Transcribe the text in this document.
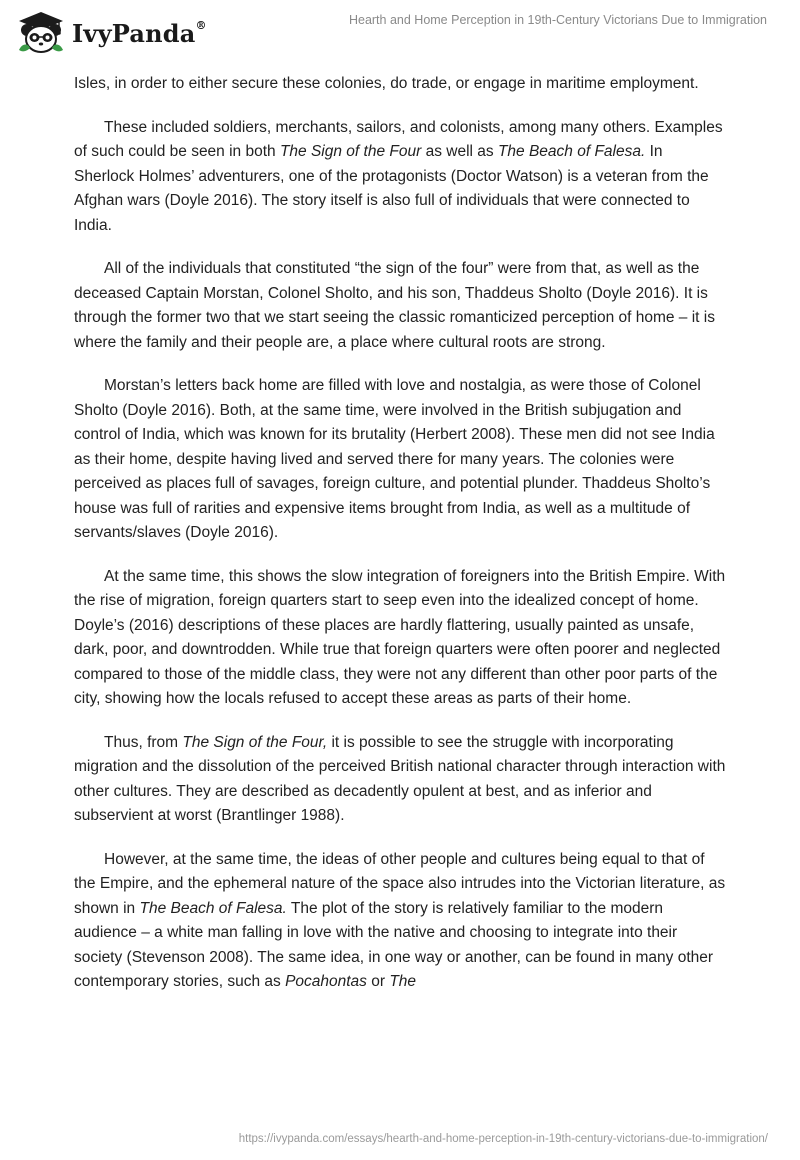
IvyPanda®	Hearth and Home Perception in 19th-Century Victorians Due to Immigration

Isles, in order to either secure these colonies, do trade, or engage in maritime employment.

These included soldiers, merchants, sailors, and colonists, among many others. Examples of such could be seen in both The Sign of the Four as well as The Beach of Falesa. In Sherlock Holmes’ adventurers, one of the protagonists (Doctor Watson) is a veteran from the Afghan wars (Doyle 2016). The story itself is also full of individuals that were connected to India.

All of the individuals that constituted “the sign of the four” were from that, as well as the deceased Captain Morstan, Colonel Sholto, and his son, Thaddeus Sholto (Doyle 2016). It is through the former two that we start seeing the classic romanticized perception of home – it is where the family and their people are, a place where cultural roots are strong.

Morstan’s letters back home are filled with love and nostalgia, as were those of Colonel Sholto (Doyle 2016). Both, at the same time, were involved in the British subjugation and control of India, which was known for its brutality (Herbert 2008). These men did not see India as their home, despite having lived and served there for many years. The colonies were perceived as places full of savages, foreign culture, and potential plunder. Thaddeus Sholto’s house was full of rarities and expensive items brought from India, as well as a multitude of servants/slaves (Doyle 2016).

At the same time, this shows the slow integration of foreigners into the British Empire. With the rise of migration, foreign quarters start to seep even into the idealized concept of home. Doyle’s (2016) descriptions of these places are hardly flattering, usually painted as unsafe, dark, poor, and downtrodden. While true that foreign quarters were often poorer and neglected compared to those of the middle class, they were not any different than other poor parts of the city, showing how the locals refused to accept these areas as parts of their home.

Thus, from The Sign of the Four, it is possible to see the struggle with incorporating migration and the dissolution of the perceived British national character through interaction with other cultures. They are described as decadently opulent at best, and as inferior and subservient at worst (Brantlinger 1988).

However, at the same time, the ideas of other people and cultures being equal to that of the Empire, and the ephemeral nature of the space also intrudes into the Victorian literature, as shown in The Beach of Falesa. The plot of the story is relatively familiar to the modern audience – a white man falling in love with the native and choosing to integrate into their society (Stevenson 2008). The same idea, in one way or another, can be found in many other contemporary stories, such as Pocahontas or The

https://ivypanda.com/essays/hearth-and-home-perception-in-19th-century-victorians-due-to-immigration/
